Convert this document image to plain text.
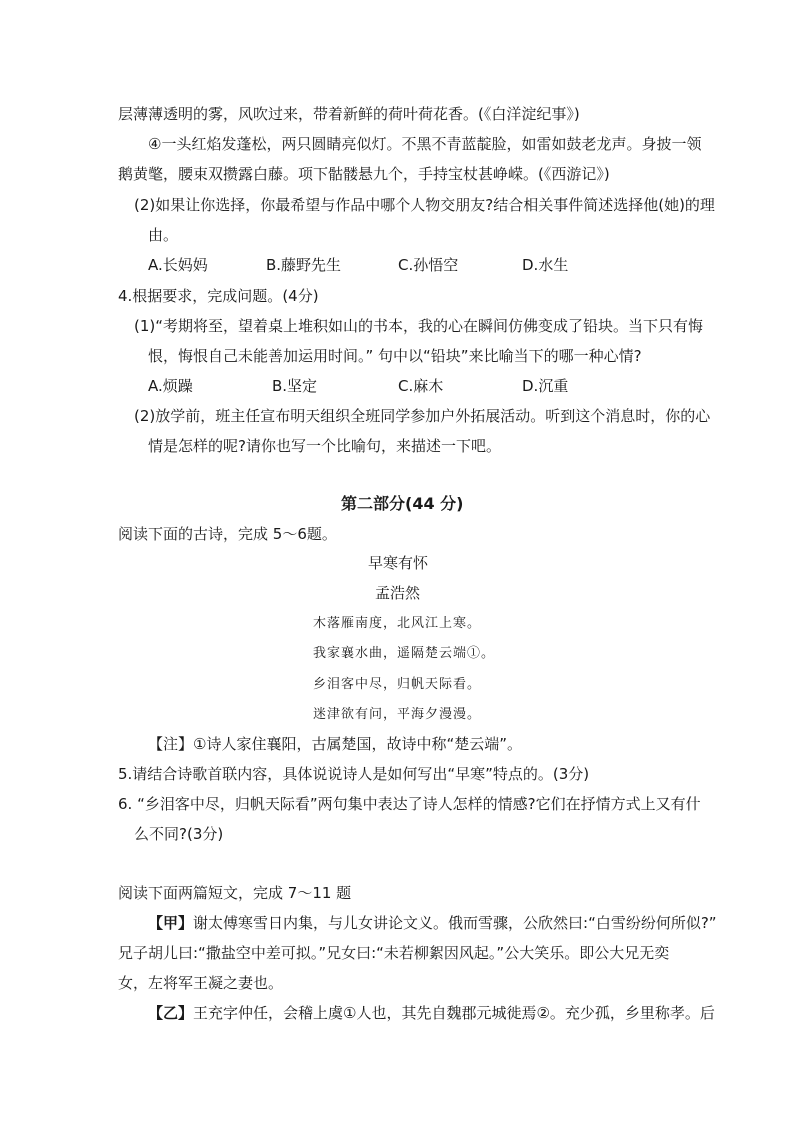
层薄薄透明的雾，风吹过来，带着新鲜的荷叶荷花香。(《白洋淀纪事》)
④一头红焰发蓬松，两只圆睛亮似灯。不黑不青蓝靛脸，如雷如鼓老龙声。身披一领
鹅黄氅，腰束双攒露白藤。项下骷髅悬九个，手持宝杖甚峥嵘。(《西游记》)
(2)如果让你选择，你最希望与作品中哪个人物交朋友?结合相关事件简述选择他(她)的理
由。
A.长妈妈	B.藤野先生	C.孙悟空	D.水生
4.根据要求，完成问题。(4分)
(1)“考期将至，望着桌上堆积如山的书本，我的心在瞬间仿佛变成了铅块。当下只有悔
恨，悔恨自己未能善加运用时间。” 句中以“铅块”来比喻当下的哪一种心情?
A.烦躁	B.坚定	C.麻木	D.沉重
(2)放学前，班主任宣布明天组织全班同学参加户外拓展活动。听到这个消息时，你的心
情是怎样的呢?请你也写一个比喻句，来描述一下吧。
第二部分(44 分)
阅读下面的古诗，完成 5～6题。
早寒有怀
孟浩然
木落雁南度，北风江上寒。
我家襄水曲，遥隔楚云端①。
乡泪客中尽，归帆天际看。
迷津欲有问，平海夕漫漫。
【注】①诗人家住襄阳，古属楚国，故诗中称“楚云端”。
5.请结合诗歌首联内容，具体说说诗人是如何写出“早寒”特点的。(3分)
6. “乡泪客中尽，归帆天际看”两句集中表达了诗人怎样的情感?它们在抒情方式上又有什
么不同?(3分)
阅读下面两篇短文，完成 7～11 题
【甲】谢太傅寒雪日内集，与儿女讲论文义。俄而雪骤，公欣然曰:“白雪纷纷何所似?”
兄子胡儿曰:“撒盐空中差可拟。”兄女曰:“未若柳絮因风起。”公大笑乐。即公大兄无奕
女，左将军王凝之妻也。
【乙】王充字仲任，会稽上虞①人也，其先自魏郡元城徙焉②。充少孤，乡里称孝。后
